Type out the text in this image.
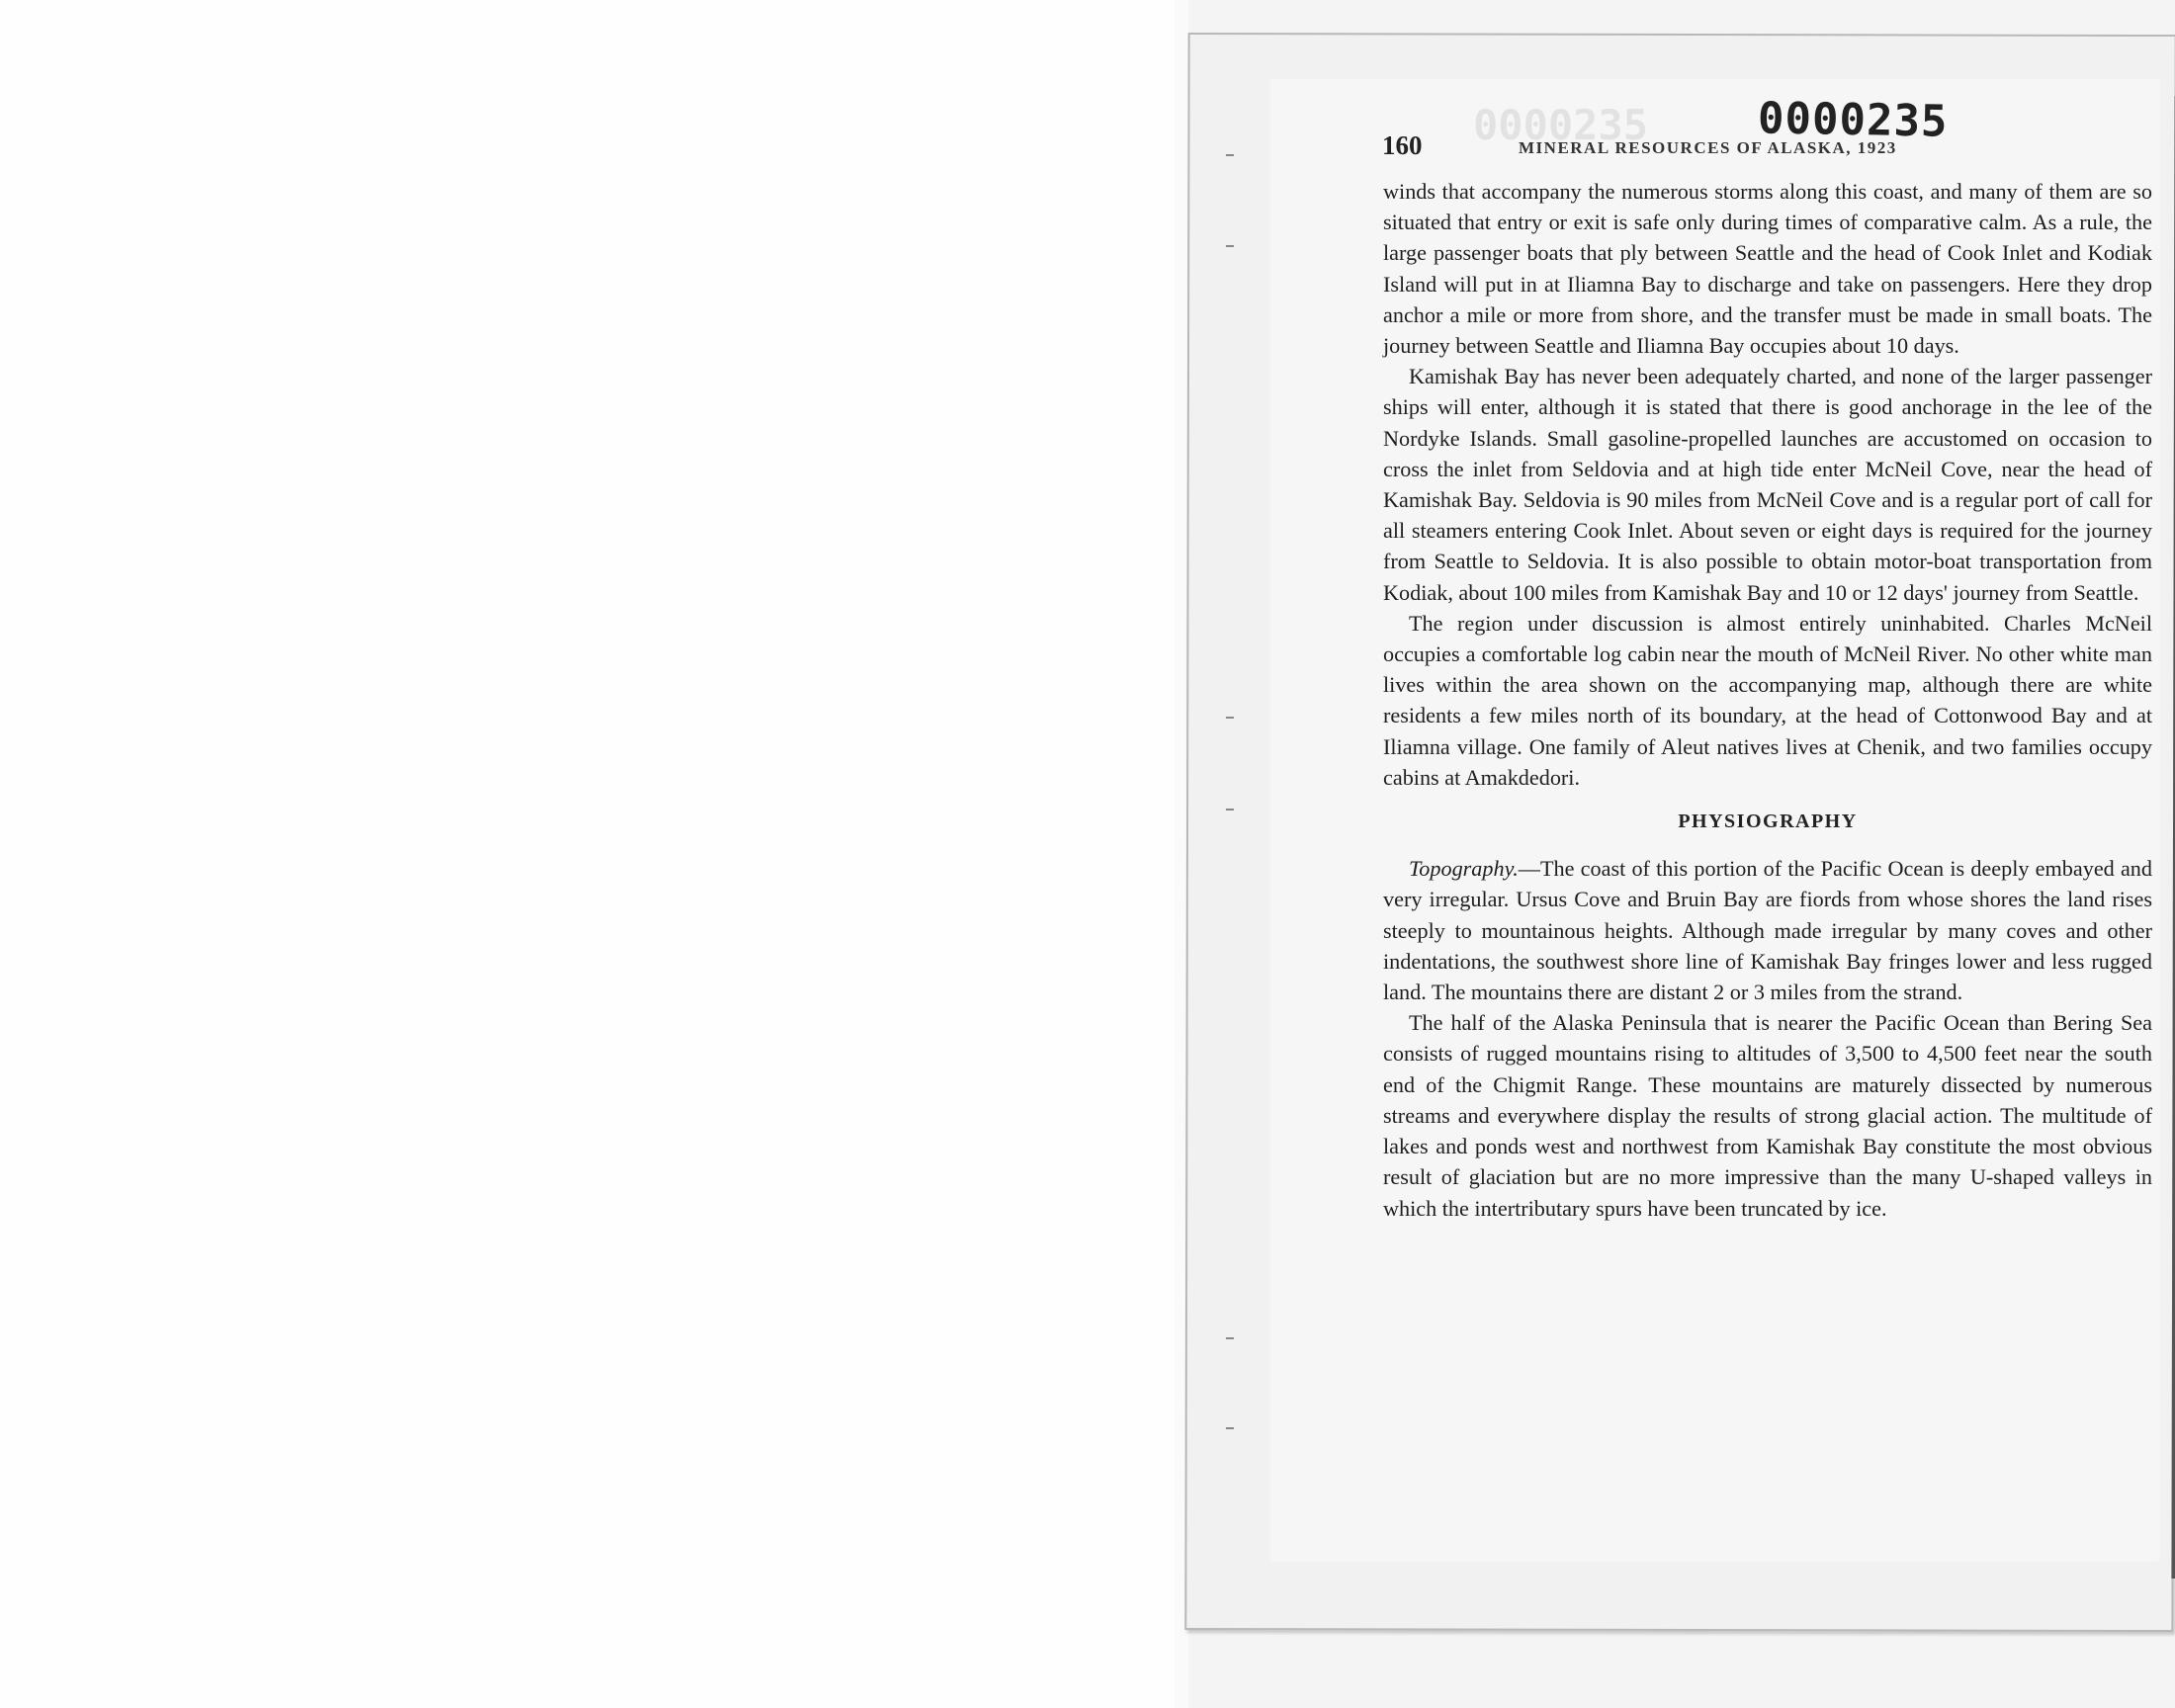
0000235	0000235
160	MINERAL RESOURCES OF ALASKA, 1923

winds that accompany the numerous storms along this coast, and many of them are so situated that entry or exit is safe only during times of comparative calm. As a rule, the large passenger boats that ply between Seattle and the head of Cook Inlet and Kodiak Island will put in at Iliamna Bay to discharge and take on passengers. Here they drop anchor a mile or more from shore, and the transfer must be made in small boats. The journey between Seattle and Iliamna Bay occupies about 10 days.

Kamishak Bay has never been adequately charted, and none of the larger passenger ships will enter, although it is stated that there is good anchorage in the lee of the Nordyke Islands. Small gasoline-propelled launches are accustomed on occasion to cross the inlet from Seldovia and at high tide enter McNeil Cove, near the head of Kamishak Bay. Seldovia is 90 miles from McNeil Cove and is a regular port of call for all steamers entering Cook Inlet. About seven or eight days is required for the journey from Seattle to Seldovia. It is also possible to obtain motor-boat transportation from Kodiak, about 100 miles from Kamishak Bay and 10 or 12 days' journey from Seattle.

The region under discussion is almost entirely uninhabited. Charles McNeil occupies a comfortable log cabin near the mouth of McNeil River. No other white man lives within the area shown on the accompanying map, although there are white residents a few miles north of its boundary, at the head of Cottonwood Bay and at Iliamna village. One family of Aleut natives lives at Chenik, and two families occupy cabins at Amakdedori.

PHYSIOGRAPHY

Topography.—The coast of this portion of the Pacific Ocean is deeply embayed and very irregular. Ursus Cove and Bruin Bay are fiords from whose shores the land rises steeply to mountainous heights. Although made irregular by many coves and other indentations, the southwest shore line of Kamishak Bay fringes lower and less rugged land. The mountains there are distant 2 or 3 miles from the strand.

The half of the Alaska Peninsula that is nearer the Pacific Ocean than Bering Sea consists of rugged mountains rising to altitudes of 3,500 to 4,500 feet near the south end of the Chigmit Range. These mountains are maturely dissected by numerous streams and everywhere display the results of strong glacial action. The multitude of lakes and ponds west and northwest from Kamishak Bay constitute the most obvious result of glaciation but are no more impressive than the many U-shaped valleys in which the intertributary spurs have been truncated by ice.
